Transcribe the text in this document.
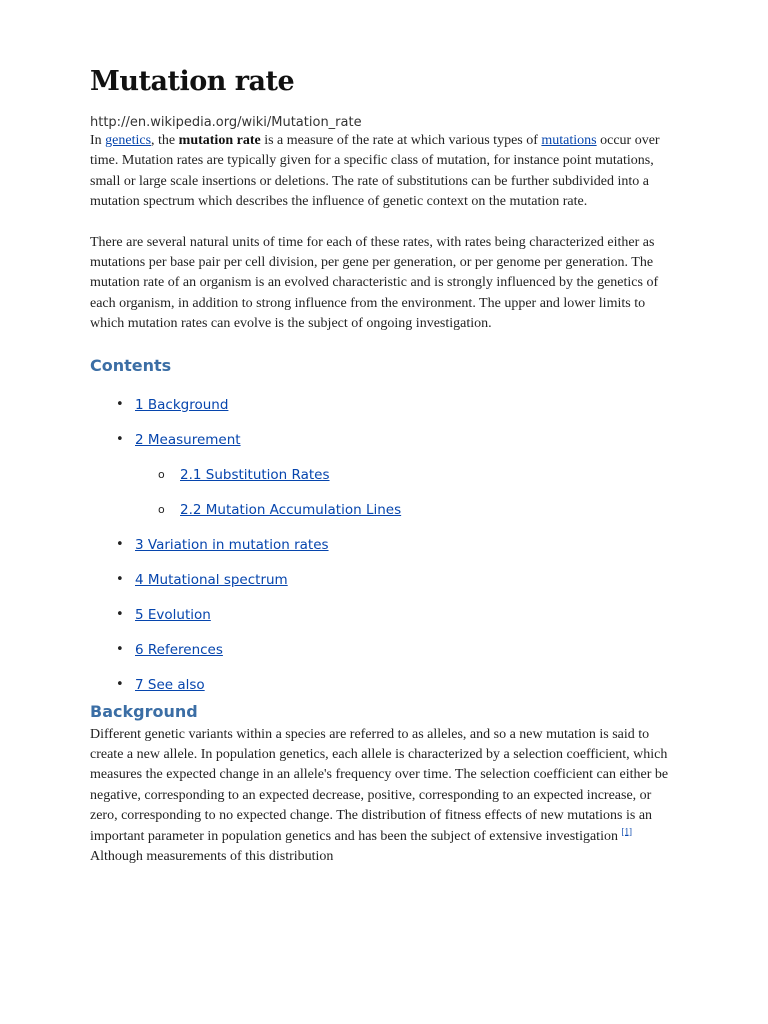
Mutation rate
http://en.wikipedia.org/wiki/Mutation_rate

In genetics, the mutation rate is a measure of the rate at which various types of mutations occur over time. Mutation rates are typically given for a specific class of mutation, for instance point mutations, small or large scale insertions or deletions. The rate of substitutions can be further subdivided into a mutation spectrum which describes the influence of genetic context on the mutation rate.

There are several natural units of time for each of these rates, with rates being characterized either as mutations per base pair per cell division, per gene per generation, or per genome per generation. The mutation rate of an organism is an evolved characteristic and is strongly influenced by the genetics of each organism, in addition to strong influence from the environment. The upper and lower limits to which mutation rates can evolve is the subject of ongoing investigation.

Contents
• 1 Background
• 2 Measurement
o 2.1 Substitution Rates
o 2.2 Mutation Accumulation Lines
• 3 Variation in mutation rates
• 4 Mutational spectrum
• 5 Evolution
• 6 References
• 7 See also
Background

Different genetic variants within a species are referred to as alleles, and so a new mutation is said to create a new allele. In population genetics, each allele is characterized by a selection coefficient, which measures the expected change in an allele's frequency over time. The selection coefficient can either be negative, corresponding to an expected decrease, positive, corresponding to an expected increase, or zero, corresponding to no expected change. The distribution of fitness effects of new mutations is an important parameter in population genetics and has been the subject of extensive investigation [1] Although measurements of this distribution
